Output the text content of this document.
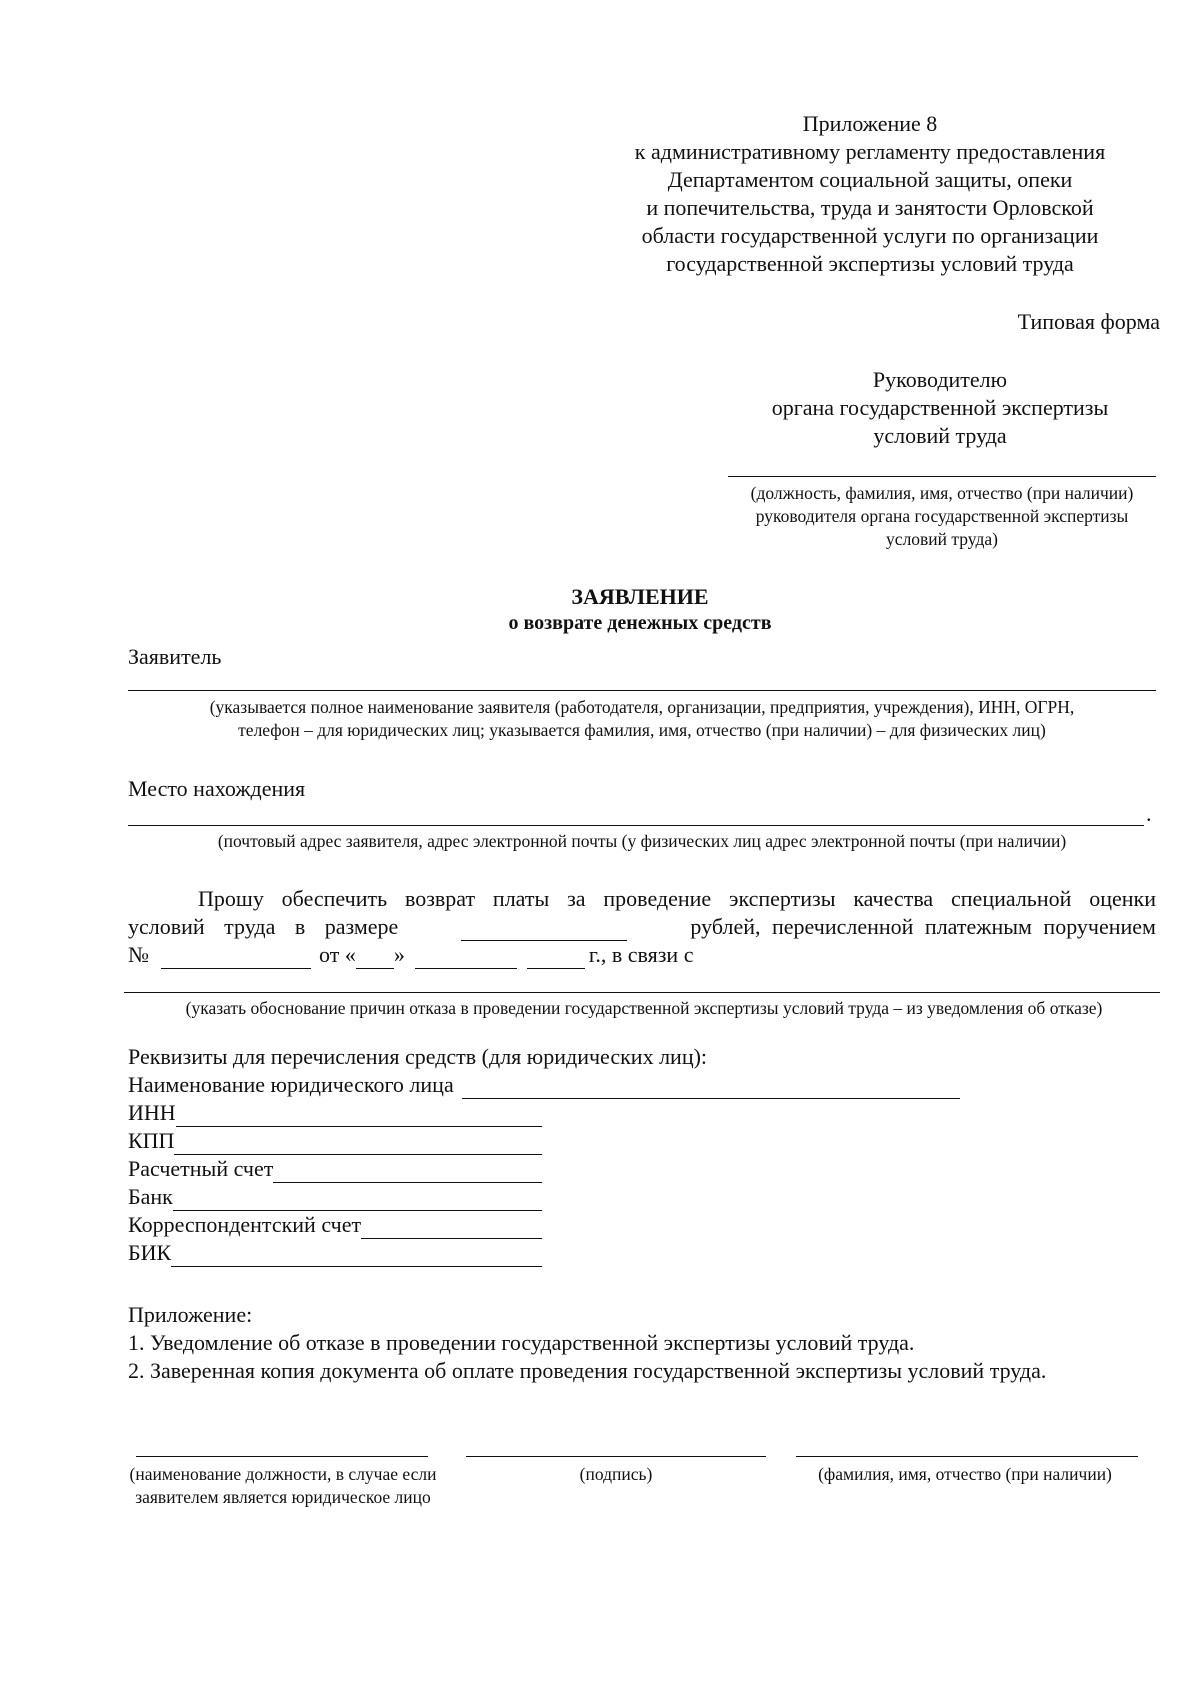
Приложение 8
к административному регламенту предоставления
Департаментом социальной защиты, опеки
и попечительства, труда и занятости Орловской
области государственной услуги по организации
государственной экспертизы условий труда
Типовая форма
Руководителю
органа государственной экспертизы
условий труда
(должность, фамилия, имя, отчество (при наличии) руководителя органа государственной экспертизы условий труда)
ЗАЯВЛЕНИЕ
о возврате денежных средств
Заявитель
(указывается полное наименование заявителя (работодателя, организации, предприятия, учреждения), ИНН, ОГРН,
телефон – для юридических лиц; указывается фамилия, имя, отчество (при наличии) – для физических лиц)
Место нахождения
.
(почтовый адрес заявителя, адрес электронной почты (у физических лиц адрес электронной почты (при наличии)
Прошу обеспечить возврат платы за проведение экспертизы качества специальной оценки
условий труда в размере	рублей, перечисленной платежным поручением
№	от « »	г., в связи с
(указать обоснование причин отказа в проведении государственной экспертизы условий труда – из уведомления об отказе)
Реквизиты для перечисления средств (для юридических лиц):
Наименование юридического лица
ИНН
КПП
Расчетный счет
Банк
Корреспондентский счет
БИК
Приложение:
1. Уведомление об отказе в проведении государственной экспертизы условий труда.
2. Заверенная копия документа об оплате проведения государственной экспертизы условий труда.
(наименование должности, в случае если заявителем является юридическое лицо
(подпись)	(фамилия, имя, отчество (при наличии)
